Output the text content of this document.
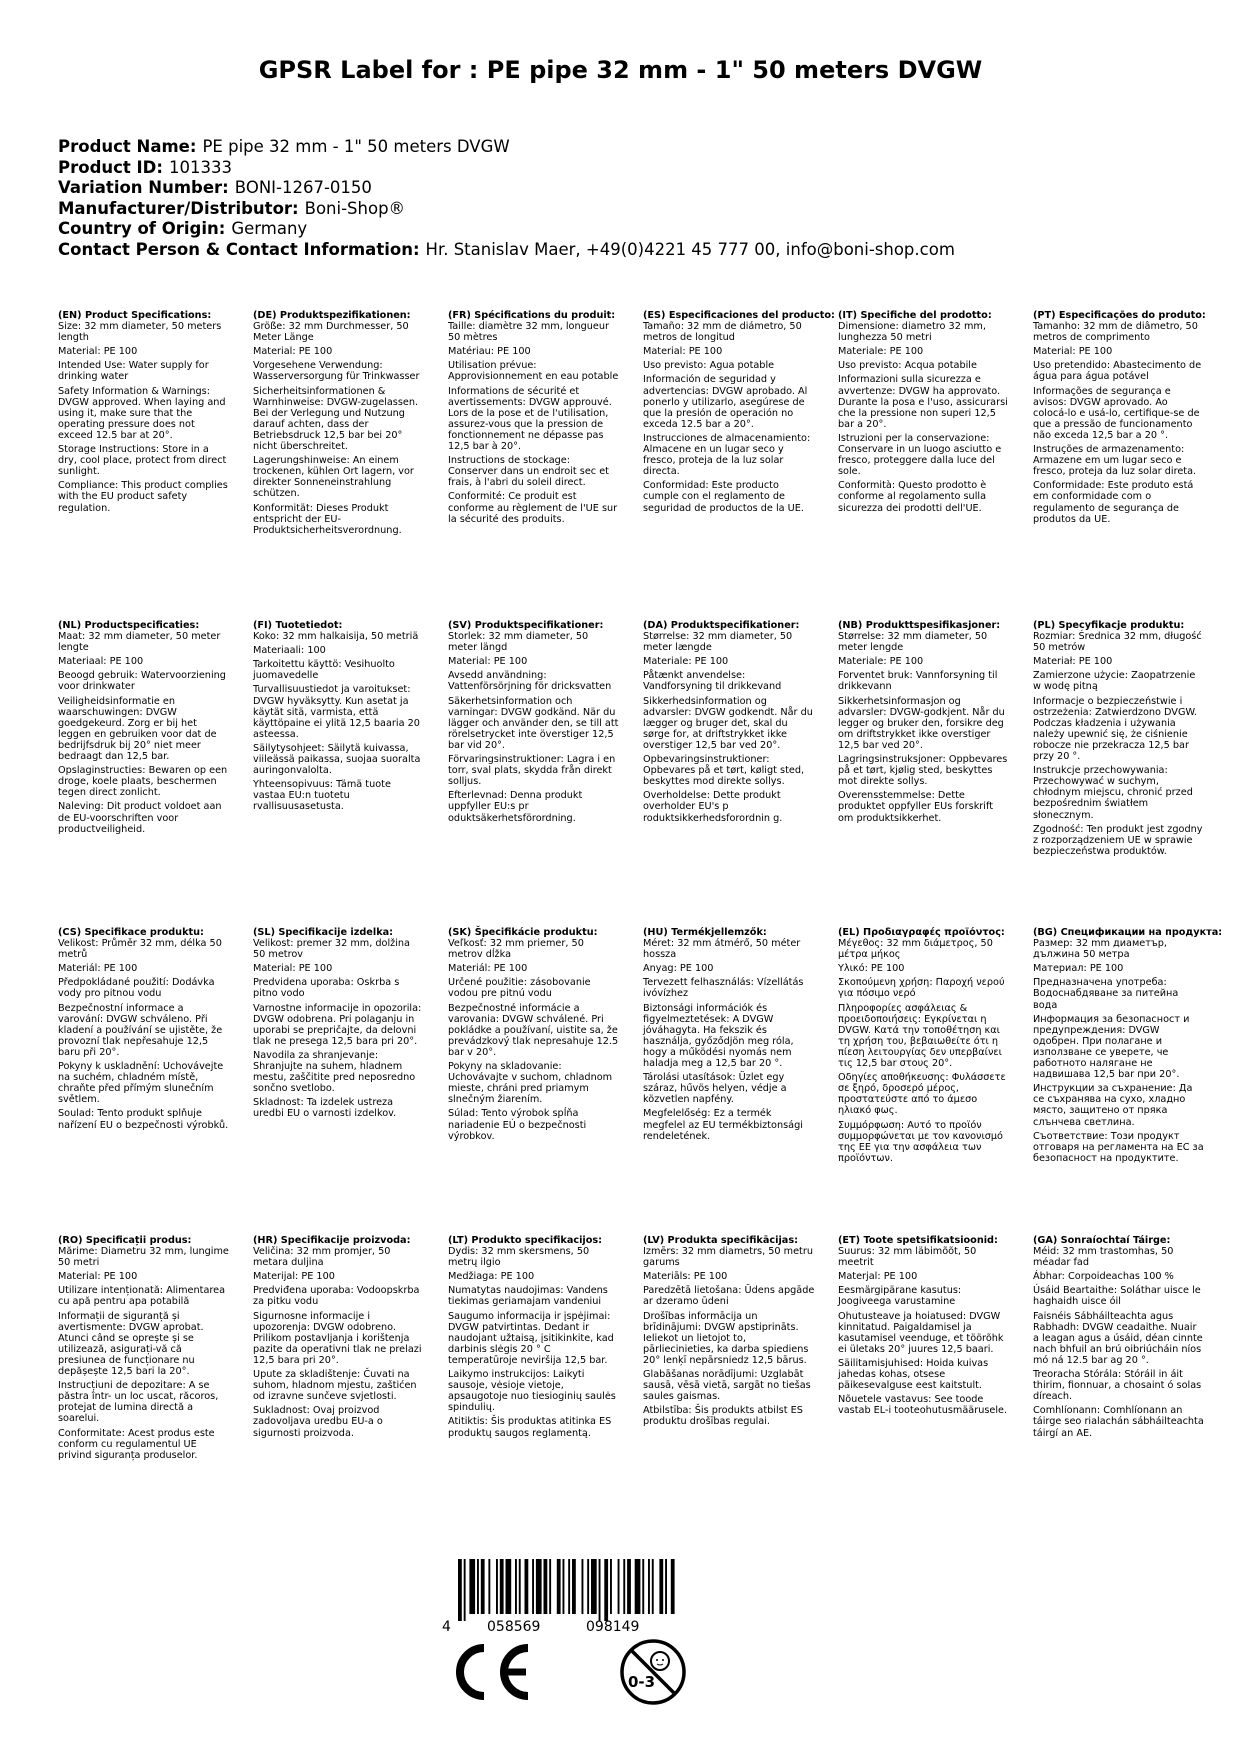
GPSR Label for : PE pipe 32 mm - 1" 50 meters DVGW
Product Name: PE pipe 32 mm - 1" 50 meters DVGW
Product ID: 101333
Variation Number: BONI-1267-0150
Manufacturer/Distributor: Boni-Shop®
Country of Origin: Germany
Contact Person & Contact Information: Hr. Stanislav Maer, +49(0)4221 45 777 00, info@boni-shop.com
(EN) Product Specifications:
Size: 32 mm diameter, 50 meters length
Material: PE 100
Intended Use: Water supply for drinking water
Safety Information & Warnings: DVGW approved. When laying and using it, make sure that the operating pressure does not exceed 12.5 bar at 20°.
Storage Instructions: Store in a dry, cool place, protect from direct sunlight.
Compliance: This product complies with the EU product safety regulation.
(DE) Produktspezifikationen:
Größe: 32 mm Durchmesser, 50 Meter Länge
Material: PE 100
Vorgesehene Verwendung: Wasserversorgung für Trinkwasser
Sicherheitsinformationen & Warnhinweise: DVGW-zugelassen. Bei der Verlegung und Nutzung darauf achten, dass der Betriebsdruck 12,5 bar bei 20° nicht überschreitet.
Lagerungshinweise: An einem trockenen, kühlen Ort lagern, vor direkter Sonneneinstrahlung schützen.
Konformität: Dieses Produkt entspricht der EU-Produktsicherheitsverordnung.
(FR) Spécifications du produit:
Taille: diamètre 32 mm, longueur 50 mètres
Matériau: PE 100
Utilisation prévue: Approvisionnement en eau potable
Informations de sécurité et avertissements: DVGW approuvé. Lors de la pose et de l'utilisation, assurez-vous que la pression de fonctionnement ne dépasse pas 12,5 bar à 20°.
Instructions de stockage: Conserver dans un endroit sec et frais, à l'abri du soleil direct.
Conformité: Ce produit est conforme au règlement de l'UE sur la sécurité des produits.
(ES) Especificaciones del producto:
Tamaño: 32 mm de diámetro, 50 metros de longitud
Material: PE 100
Uso previsto: Agua potable
Información de seguridad y advertencias: DVGW aprobado. Al ponerlo y utilizarlo, asegúrese de que la presión de operación no exceda 12.5 bar a 20°.
Instrucciones de almacenamiento: Almacene en un lugar seco y fresco, proteja de la luz solar directa.
Conformidad: Este producto cumple con el reglamento de seguridad de productos de la UE.
(IT) Specifiche del prodotto:
Dimensione: diametro 32 mm, lunghezza 50 metri
Materiale: PE 100
Uso previsto: Acqua potabile
Informazioni sulla sicurezza e avvertenze: DVGW ha approvato. Durante la posa e l'uso, assicurarsi che la pressione non superi 12,5 bar a 20°.
Istruzioni per la conservazione: Conservare in un luogo asciutto e fresco, proteggere dalla luce del sole.
Conformità: Questo prodotto è conforme al regolamento sulla sicurezza dei prodotti dell'UE.
(PT) Especificações do produto:
Tamanho: 32 mm de diâmetro, 50 metros de comprimento
Material: PE 100
Uso pretendido: Abastecimento de água para água potável
Informações de segurança e avisos: DVGW aprovado. Ao colocá-lo e usá-lo, certifique-se de que a pressão de funcionamento não exceda 12,5 bar a 20 °.
Instruções de armazenamento: Armazene em um lugar seco e fresco, proteja da luz solar direta.
Conformidade: Este produto está em conformidade com o regulamento de segurança de produtos da UE.
(NL) Productspecificaties:
Maat: 32 mm diameter, 50 meter lengte
Materiaal: PE 100
Beoogd gebruik: Watervoorziening voor drinkwater
Veiligheidsinformatie en waarschuwingen: DVGW goedgekeurd. Zorg er bij het leggen en gebruiken voor dat de bedrijfsdruk bij 20° niet meer bedraagt dan 12,5 bar.
Opslaginstructies: Bewaren op een droge, koele plaats, beschermen tegen direct zonlicht.
Naleving: Dit product voldoet aan de EU-voorschriften voor productveiligheid.
(FI) Tuotetiedot:
Koko: 32 mm halkaisija, 50 metriä
Materiaali: 100
Tarkoitettu käyttö: Vesihuolto juomavedelle
Turvallisuustiedot ja varoitukset: DVGW hyväksytty. Kun asetat ja käytät sitä, varmista, että käyttöpaine ei ylitä 12,5 baaria 20 asteessa.
Säilytysohjeet: Säilytä kuivassa, viileässä paikassa, suojaa suoralta auringonvalolta.
Yhteensopivuus: Tämä tuote vastaa EU:n tuotetu rvallisuusasetusta.
(SV) Produktspecifikationer:
Storlek: 32 mm diameter, 50 meter längd
Material: PE 100
Avsedd användning: Vattenförsörjning för dricksvatten
Säkerhetsinformation och varningar: DVGW godkänd. När du lägger och använder den, se till att rörelsetrycket inte överstiger 12,5 bar vid 20°.
Förvaringsinstruktioner: Lagra i en torr, sval plats, skydda från direkt solljus.
Efterlevnad: Denna produkt uppfyller EU:s pr oduktsäkerhetsförordning.
(DA) Produktspecifikationer:
Størrelse: 32 mm diameter, 50 meter længde
Materiale: PE 100
Påtænkt anvendelse: Vandforsyning til drikkevand
Sikkerhedsinformation og advarsler: DVGW godkendt. Når du lægger og bruger det, skal du sørge for, at driftstrykket ikke overstiger 12,5 bar ved 20°.
Opbevaringsinstruktioner: Opbevares på et tørt, køligt sted, beskyttes mod direkte sollys.
Overholdelse: Dette produkt overholder EU's p roduktsikkerhedsforordnin g.
(NB) Produkttspesifikasjoner:
Størrelse: 32 mm diameter, 50 meter lengde
Materiale: PE 100
Forventet bruk: Vannforsyning til drikkevann
Sikkerhetsinformasjon og advarsler: DVGW-godkjent. Når du legger og bruker den, forsikre deg om driftstrykket ikke overstiger 12,5 bar ved 20°.
Lagringsinstruksjoner: Oppbevares på et tørt, kjølig sted, beskyttes mot direkte sollys.
Overensstemmelse: Dette produktet oppfyller EUs forskrift om produktsikkerhet.
(PL) Specyfikacje produktu:
Rozmiar: Średnica 32 mm, długość 50 metrów
Materiał: PE 100
Zamierzone użycie: Zaopatrzenie w wodę pitną
Informacje o bezpieczeństwie i ostrzeżenia: Zatwierdzono DVGW. Podczas kładzenia i używania należy upewnić się, że ciśnienie robocze nie przekracza 12,5 bar przy 20 °.
Instrukcje przechowywania: Przechowywać w suchym, chłodnym miejscu, chronić przed bezpośrednim światłem słonecznym.
Zgodność: Ten produkt jest zgodny z rozporządzeniem UE w sprawie bezpieczeństwa produktów.
(CS) Specifikace produktu:
Velikost: Průměr 32 mm, délka 50 metrů
Materiál: PE 100
Předpokládané použití: Dodávka vody pro pitnou vodu
Bezpečnostní informace a varování: DVGW schváleno. Při kladení a používání se ujistěte, že provozní tlak nepřesahuje 12,5 baru při 20°.
Pokyny k uskladnění: Uchovávejte na suchém, chladném místě, chraňte před přímým slunečním světlem.
Soulad: Tento produkt splňuje nařízení EU o bezpečnosti výrobků.
(SL) Specifikacije izdelka:
Velikost: premer 32 mm, dolžina 50 metrov
Material: PE 100
Predvidena uporaba: Oskrba s pitno vodo
Varnostne informacije in opozorila: DVGW odobrena. Pri polaganju in uporabi se prepričajte, da delovni tlak ne presega 12,5 bara pri 20°.
Navodila za shranjevanje: Shranjujte na suhem, hladnem mestu, zaščitite pred neposredno sončno svetlobo.
Skladnost: Ta izdelek ustreza uredbi EU o varnosti izdelkov.
(SK) Špecifikácie produktu:
Veľkosť: 32 mm priemer, 50 metrov dĺžka
Materiál: PE 100
Určené použitie: zásobovanie vodou pre pitnú vodu
Bezpečnostné informácie a varovania: DVGW schválené. Pri pokládke a používaní, uistite sa, že prevádzkový tlak nepresahuje 12.5 bar v 20°.
Pokyny na skladovanie: Uchovávajte v suchom, chladnom mieste, chráni pred priamym slnečným žiarením.
Súlad: Tento výrobok spĺňa nariadenie EÚ o bezpečnosti výrobkov.
(HU) Termékjellemzők:
Méret: 32 mm átmérő, 50 méter hossza
Anyag: PE 100
Tervezett felhasználás: Vízellátás ivóvízhez
Biztonsági információk és figyelmeztetések: A DVGW jóváhagyta. Ha fekszik és használja, győződjön meg róla, hogy a működési nyomás nem haladja meg a 12,5 bar 20 °.
Tárolási utasítások: Üzlet egy száraz, hűvös helyen, védje a közvetlen napfény.
Megfelelőség: Ez a termék megfelel az EU termékbiztonsági rendeletének.
(EL) Προδιαγραφές προϊόντος:
Μέγεθος: 32 mm διάμετρος, 50 μέτρα μήκος
Υλικό: PE 100
Σκοπούμενη χρήση: Παροχή νερού για πόσιμο νερό
Πληροφορίες ασφάλειας & προειδοποιήσεις: Εγκρίνεται η DVGW. Κατά την τοποθέτηση και τη χρήση του, βεβαιωθείτε ότι η πίεση λειτουργίας δεν υπερβαίνει τις 12,5 bar στους 20°.
Οδηγίες αποθήκευσης: Φυλάσσετε σε ξηρό, δροσερό μέρος, προστατεύστε από το άμεσο ηλιακό φως.
Συμμόρφωση: Αυτό το προϊόν συμμορφώνεται με τον κανονισμό της ΕΕ για την ασφάλεια των προϊόντων.
(BG) Спецификации на продукта:
Размер: 32 mm диаметър, дължина 50 метра
Материал: PE 100
Предназначена употреба: Водоснабдяване за питейна вода
Информация за безопасност и предупреждения: DVGW одобрен. При полагане и използване се уверете, че работното налягане не надвишава 12,5 bar при 20°.
Инструкции за съхранение: Да се съхранява на сухо, хладно място, защитено от пряка слънчева светлина.
Съответствие: Този продукт отговаря на регламента на ЕС за безопасност на продуктите.
(RO) Specificații produs:
Mărime: Diametru 32 mm, lungime 50 metri
Material: PE 100
Utilizare intenționată: Alimentarea cu apă pentru apa potabilă
Informații de siguranță și avertismente: DVGW aprobat. Atunci când se oprește și se utilizează, asigurați-vă că presiunea de funcționare nu depășește 12,5 bari la 20°.
Instrucțiuni de depozitare: A se păstra într- un loc uscat, răcoros, protejat de lumina directă a soarelui.
Conformitate: Acest produs este conform cu regulamentul UE privind siguranța produselor.
(HR) Specifikacije proizvoda:
Veličina: 32 mm promjer, 50 metara duljina
Materijal: PE 100
Predviđena uporaba: Vodoopskrba za pitku vodu
Sigurnosne informacije i upozorenja: DVGW odobreno. Prilikom postavljanja i korištenja pazite da operativni tlak ne prelazi 12,5 bara pri 20°.
Upute za skladištenje: Čuvati na suhom, hladnom mjestu, zaštićen od izravne sunčeve svjetlosti.
Sukladnost: Ovaj proizvod zadovoljava uredbu EU-a o sigurnosti proizvoda.
(LT) Produkto specifikacijos:
Dydis: 32 mm skersmens, 50 metrų ilgio
Medžiaga: PE 100
Numatytas naudojimas: Vandens tiekimas geriamajam vandeniui
Saugumo informacija ir įspėjimai: DVGW patvirtintas. Dedant ir naudojant užtaisą, įsitikinkite, kad darbinis slėgis 20 ° C temperatūroje neviršija 12,5 bar.
Laikymo instrukcijos: Laikyti sausoje, vėsioje vietoje, apsaugotoje nuo tiesioginių saulės spindulių.
Atitiktis: Šis produktas atitinka ES produktų saugos reglamentą.
(LV) Produkta specifikācijas:
Izmērs: 32 mm diametrs, 50 metru garums
Materiāls: PE 100
Paredzētā lietošana: Ūdens apgāde ar dzeramo ūdeni
Drošības informācija un brīdinājumi: DVGW apstiprināts. Ieliekot un lietojot to, pārliecinieties, ka darba spiediens 20° lenķī nepārsniedz 12,5 bārus.
Glabāšanas norādījumi: Uzglabāt sausā, vēsā vietā, sargāt no tiešas saules gaismas.
Atbilstība: Šis produkts atbilst ES produktu drošības regulai.
(ET) Toote spetsifikatsioonid:
Suurus: 32 mm läbimõõt, 50 meetrit
Materjal: PE 100
Eesmärgipärane kasutus: Joogiveega varustamine
Ohutusteave ja hoiatused: DVGW kinnitatud. Paigaldamisel ja kasutamisel veenduge, et töörõhk ei ületaks 20° juures 12,5 baari.
Säilitamisjuhised: Hoida kuivas jahedas kohas, otsese päikesevalguse eest kaitstult.
Nõuetele vastavus: See toode vastab EL-i tooteohutusmäärusele.
(GA) Sonraíochtaí Táirge:
Méid: 32 mm trastomhas, 50 méadar fad
Ábhar: Corpoideachas 100 %
Úsáid Beartaithe: Soláthar uisce le haghaidh uisce óil
Faisnéis Sábháilteachta agus Rabhadh: DVGW ceadaithe. Nuair a leagan agus a úsáid, déan cinnte nach bhfuil an brú oibriúcháin níos mó ná 12.5 bar ag 20 °.
Treoracha Stórála: Stóráil in áit thirim, fionnuar, a chosaint ó solas díreach.
Comhlíonann: Comhlíonann an táirge seo rialachán sábháilteachta táirgí an AE.
4	058569	098149
0-3
